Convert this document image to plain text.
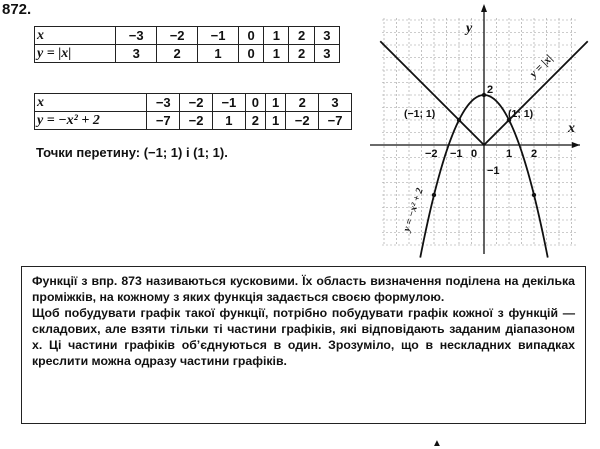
872.
x	−3	−2	−1	0	1	2	3
y = |x|	3	2	1	0	1	2	3
x	−3	−2	−1	0	1	2	3
y = −x² + 2	−7	−2	1	2	1	−2	−7
Точки перетину: (−1; 1) і (1; 1).
y
x
0
−2 −1	1 2
2
−1
(−1; 1)	(1; 1)
y = |x|
y = −x² + 2

Функції з впр. 873 називаються кусковими. Їх область визначення поділена на декілька проміжків, на кожному з яких функція задається своєю формулою.

Щоб побудувати графік такої функції, потрібно побудувати графік кожної з функцій — складових, але взяти тільки ті частини графіків, які відповідають заданим діапазоном x. Ці частини графіків об’єднуються в один. Зрозуміло, що в нескладних випадках креслити можна одразу частини графіків.

▲
